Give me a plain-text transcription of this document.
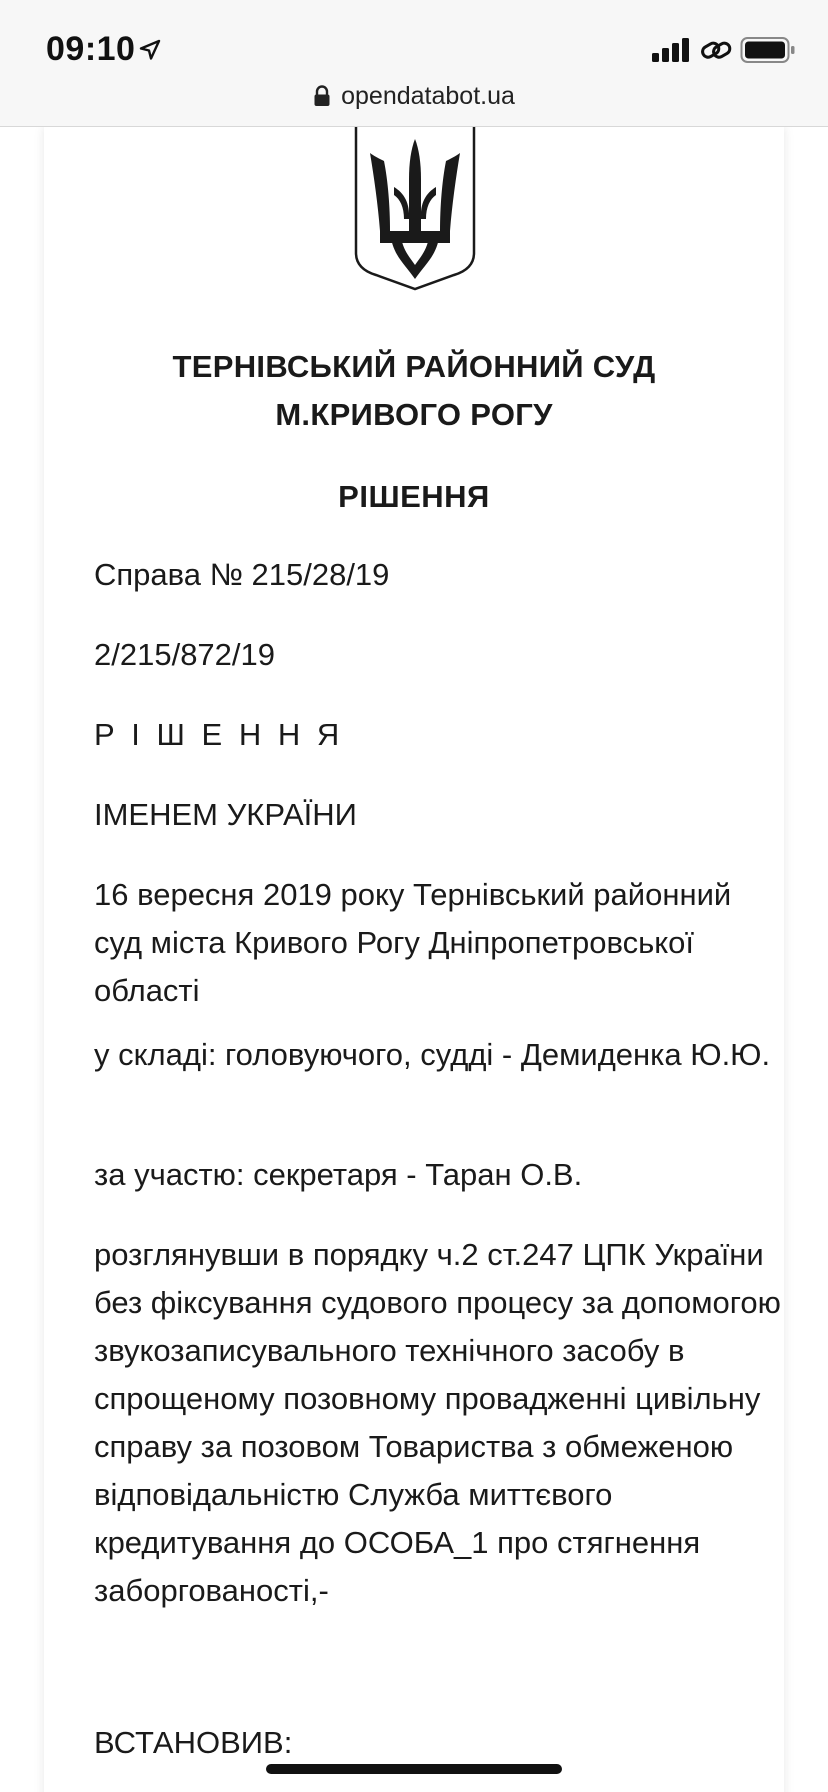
09:10
opendatabot.ua
ТЕРНІВСЬКИЙ РАЙОННИЙ СУД
М.КРИВОГО РОГУ
РІШЕННЯ
Справа № 215/28/19
2/215/872/19
Р І Ш Е Н Н Я
ІМЕНЕМ УКРАЇНИ
16 вересня 2019 року Тернівський районний суд міста Кривого Рогу Дніпропетровської області
у складі: головуючого, судді - Демиденка Ю.Ю.
за участю: секретаря - Таран О.В.
розглянувши в порядку ч.2 ст.247 ЦПК України без фіксування судового процесу за допомогою звукозаписувального технічного засобу в спрощеному позовному провадженні цивільну справу за позовом Товариства з обмеженою відповідальністю Служба миттєвого кредитування до ОСОБА_1 про стягнення заборгованості,-
ВСТАНОВИВ:
